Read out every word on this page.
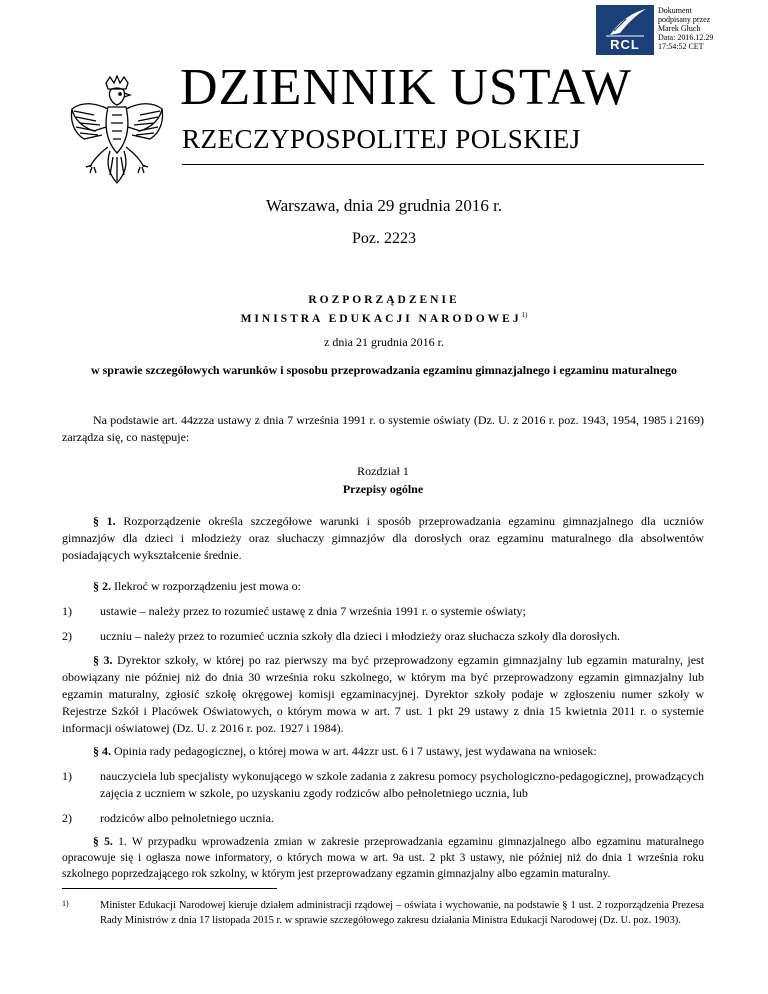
RCL
Dokument
podpisany przez
Marek Głuch
Data: 2016.12.29
17:54:52 CET
DZIENNIK USTAW
RZECZYPOSPOLITEJ POLSKIEJ
Warszawa, dnia 29 grudnia 2016 r.
Poz. 2223
ROZPORZĄDZENIE
MINISTRA EDUKACJI NARODOWEJ$^{1)}$
z dnia 21 grudnia 2016 r.
w sprawie szczegółowych warunków i sposobu przeprowadzania egzaminu gimnazjalnego i egzaminu maturalnego
Na podstawie art. 44zzza ustawy z dnia 7 września 1991 r. o systemie oświaty (Dz. U. z 2016 r. poz. 1943, 1954, 1985 i 2169) zarządza się, co następuje:
Rozdział 1
Przepisy ogólne
§ 1. Rozporządzenie określa szczegółowe warunki i sposób przeprowadzania egzaminu gimnazjalnego dla uczniów gimnazjów dla dzieci i młodzieży oraz słuchaczy gimnazjów dla dorosłych oraz egzaminu maturalnego dla absolwentów posiadających wykształcenie średnie.
§ 2. Ilekroć w rozporządzeniu jest mowa o:
1) ustawie – należy przez to rozumieć ustawę z dnia 7 września 1991 r. o systemie oświaty;
2) uczniu – należy przez to rozumieć ucznia szkoły dla dzieci i młodzieży oraz słuchacza szkoły dla dorosłych.
§ 3. Dyrektor szkoły, w której po raz pierwszy ma być przeprowadzony egzamin gimnazjalny lub egzamin maturalny, jest obowiązany nie później niż do dnia 30 września roku szkolnego, w którym ma być przeprowadzony egzamin gimnazjalny lub egzamin maturalny, zgłosić szkołę okręgowej komisji egzaminacyjnej. Dyrektor szkoły podaje w zgłoszeniu numer szkoły w Rejestrze Szkół i Placówek Oświatowych, o którym mowa w art. 7 ust. 1 pkt 29 ustawy z dnia 15 kwietnia 2011 r. o systemie informacji oświatowej (Dz. U. z 2016 r. poz. 1927 i 1984).
§ 4. Opinia rady pedagogicznej, o której mowa w art. 44zzr ust. 6 i 7 ustawy, jest wydawana na wniosek:
1) nauczyciela lub specjalisty wykonującego w szkole zadania z zakresu pomocy psychologiczno-pedagogicznej, prowadzących zajęcia z uczniem w szkole, po uzyskaniu zgody rodziców albo pełnoletniego ucznia, lub
2) rodziców albo pełnoletniego ucznia.
§ 5. 1. W przypadku wprowadzenia zmian w zakresie przeprowadzania egzaminu gimnazjalnego albo egzaminu maturalnego opracowuje się i ogłasza nowe informatory, o których mowa w art. 9a ust. 2 pkt 3 ustawy, nie później niż do dnia 1 września roku szkolnego poprzedzającego rok szkolny, w którym jest przeprowadzany egzamin gimnazjalny albo egzamin maturalny.
1)	Minister Edukacji Narodowej kieruje działem administracji rządowej – oświata i wychowanie, na podstawie § 1 ust. 2 rozporządzenia Prezesa Rady Ministrów z dnia 17 listopada 2015 r. w sprawie szczegółowego zakresu działania Ministra Edukacji Narodowej (Dz. U. poz. 1903).
